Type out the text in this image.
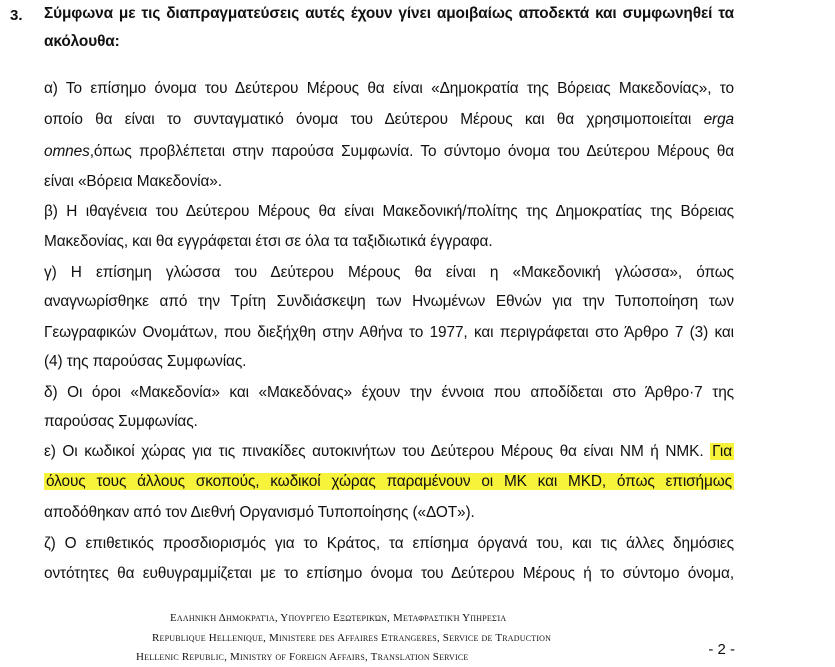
3. Σύμφωνα με τις διαπραγματεύσεις αυτές έχουν γίνει αμοιβαίως αποδεκτά και συμφωνηθεί τα
ακόλουθα:
α) Το επίσημο όνομα του Δεύτερου Μέρους θα είναι «Δημοκρατία της Βόρειας Μακεδονίας», το
οποίο θα είναι το συνταγματικό όνομα του Δεύτερου Μέρους και θα χρησιμοποιείται erga
omnes,όπως προβλέπεται στην παρούσα Συμφωνία. Το σύντομο όνομα του Δεύτερου Μέρους θα
είναι «Βόρεια Μακεδονία».
β) Η ιθαγένεια του Δεύτερου Μέρους θα είναι Μακεδονική/πολίτης της Δημοκρατίας της Βόρειας
Μακεδονίας, και θα εγγράφεται έτσι σε όλα τα ταξιδιωτικά έγγραφα.
γ) Η επίσημη γλώσσα του Δεύτερου Μέρους θα είναι η «Μακεδονική γλώσσα», όπως
αναγνωρίσθηκε από την Τρίτη Συνδιάσκεψη των Ηνωμένων Εθνών για την Τυποποίηση των
Γεωγραφικών Ονομάτων, που διεξήχθη στην Αθήνα το 1977, και περιγράφεται στο Άρθρο 7 (3) και
(4) της παρούσας Συμφωνίας.
δ) Οι όροι «Μακεδονία» και «Μακεδόνας» έχουν την έννοια που αποδίδεται στο Άρθρο·7 της
παρούσας Συμφωνίας.
ε) Οι κωδικοί χώρας για τις πινακίδες αυτοκινήτων του Δεύτερου Μέρους θα είναι ΝΜ ή ΝΜΚ. Για
όλους τους άλλους σκοπούς, κωδικοί χώρας παραμένουν οι ΜΚ και ΜΚD, όπως επισήμως
αποδόθηκαν από τον Διεθνή Οργανισμό Τυποποίησης («ΔΟΤ»).
ζ) Ο επιθετικός προσδιορισμός για το Κράτος, τα επίσημα όργανά του, και τις άλλες δημόσιες
οντότητες θα ευθυγραμμίζεται με το επίσημο όνομα του Δεύτερου Μέρους ή το σύντομο όνομα,
Ελληνική Δημοκρατία, Υπουργείο Εξωτερικών, Μεταφραστική Υπηρεσία
Republique Hellenique, Ministere des Affaires Etrangeres, Service de Traduction
Hellenic Republic, Ministry of Foreign Affairs, Translation Service	- 2 -
